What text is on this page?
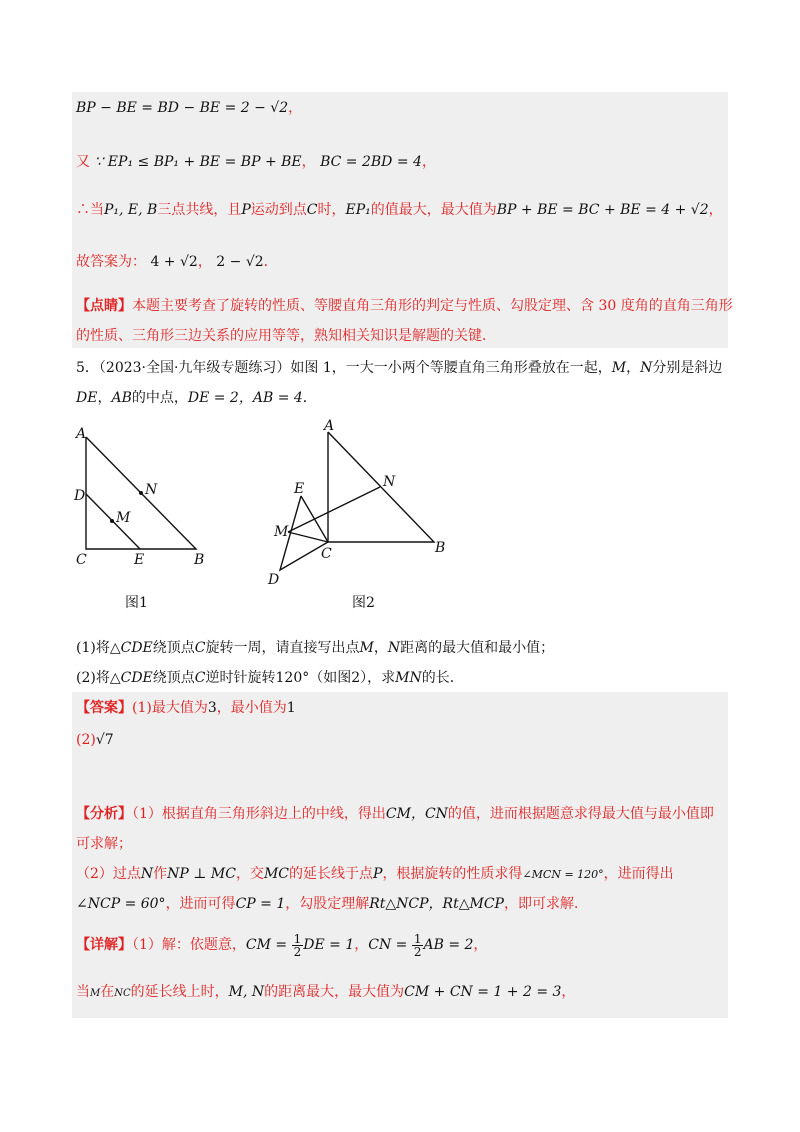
BP − BE = BD − BE = 2 − √2，
又 ∵ EP₁ ≤ BP₁ + BE = BP + BE， BC = 2BD = 4，
∴当P₁, E, B三点共线，且P运动到点C时，EP₁的值最大，最大值为BP + BE = BC + BE = 4 + √2，
故答案为： 4 + √2， 2 − √2．
【点睛】本题主要考查了旋转的性质、等腰直角三角形的判定与性质、勾股定理、含 30 度角的直角三角形
的性质、三角形三边关系的应用等等，熟知相关知识是解题的关键．
5．（2023·全国·九年级专题练习）如图 1，一大一小两个等腰直角三角形叠放在一起，M，N分别是斜边
DE，AB的中点，DE = 2，AB = 4．
A
D	N
M
C	E	B
图1
A
E	N
M
C	B
D
图2
(1)将△CDE绕顶点C旋转一周，请直接写出点M，N距离的最大值和最小值；
(2)将△CDE绕顶点C逆时针旋转120°（如图2），求MN的长．
【答案】(1)最大值为3，最小值为1
(2)√7
【分析】（1）根据直角三角形斜边上的中线，得出CM，CN的值，进而根据题意求得最大值与最小值即
可求解；
（2）过点N作NP ⊥ MC，交MC的延长线于点P，根据旋转的性质求得∠MCN = 120°，进而得出
∠NCP = 60°，进而可得CP = 1，勾股定理解Rt△NCP，Rt△MCP，即可求解．
【详解】（1）解：依题意，CM = $\frac{1}{2}$ DE = 1，CN = $\frac{1}{2}$ AB = 2，
当M在NC的延长线上时，M, N的距离最大，最大值为CM + CN = 1 + 2 = 3，
